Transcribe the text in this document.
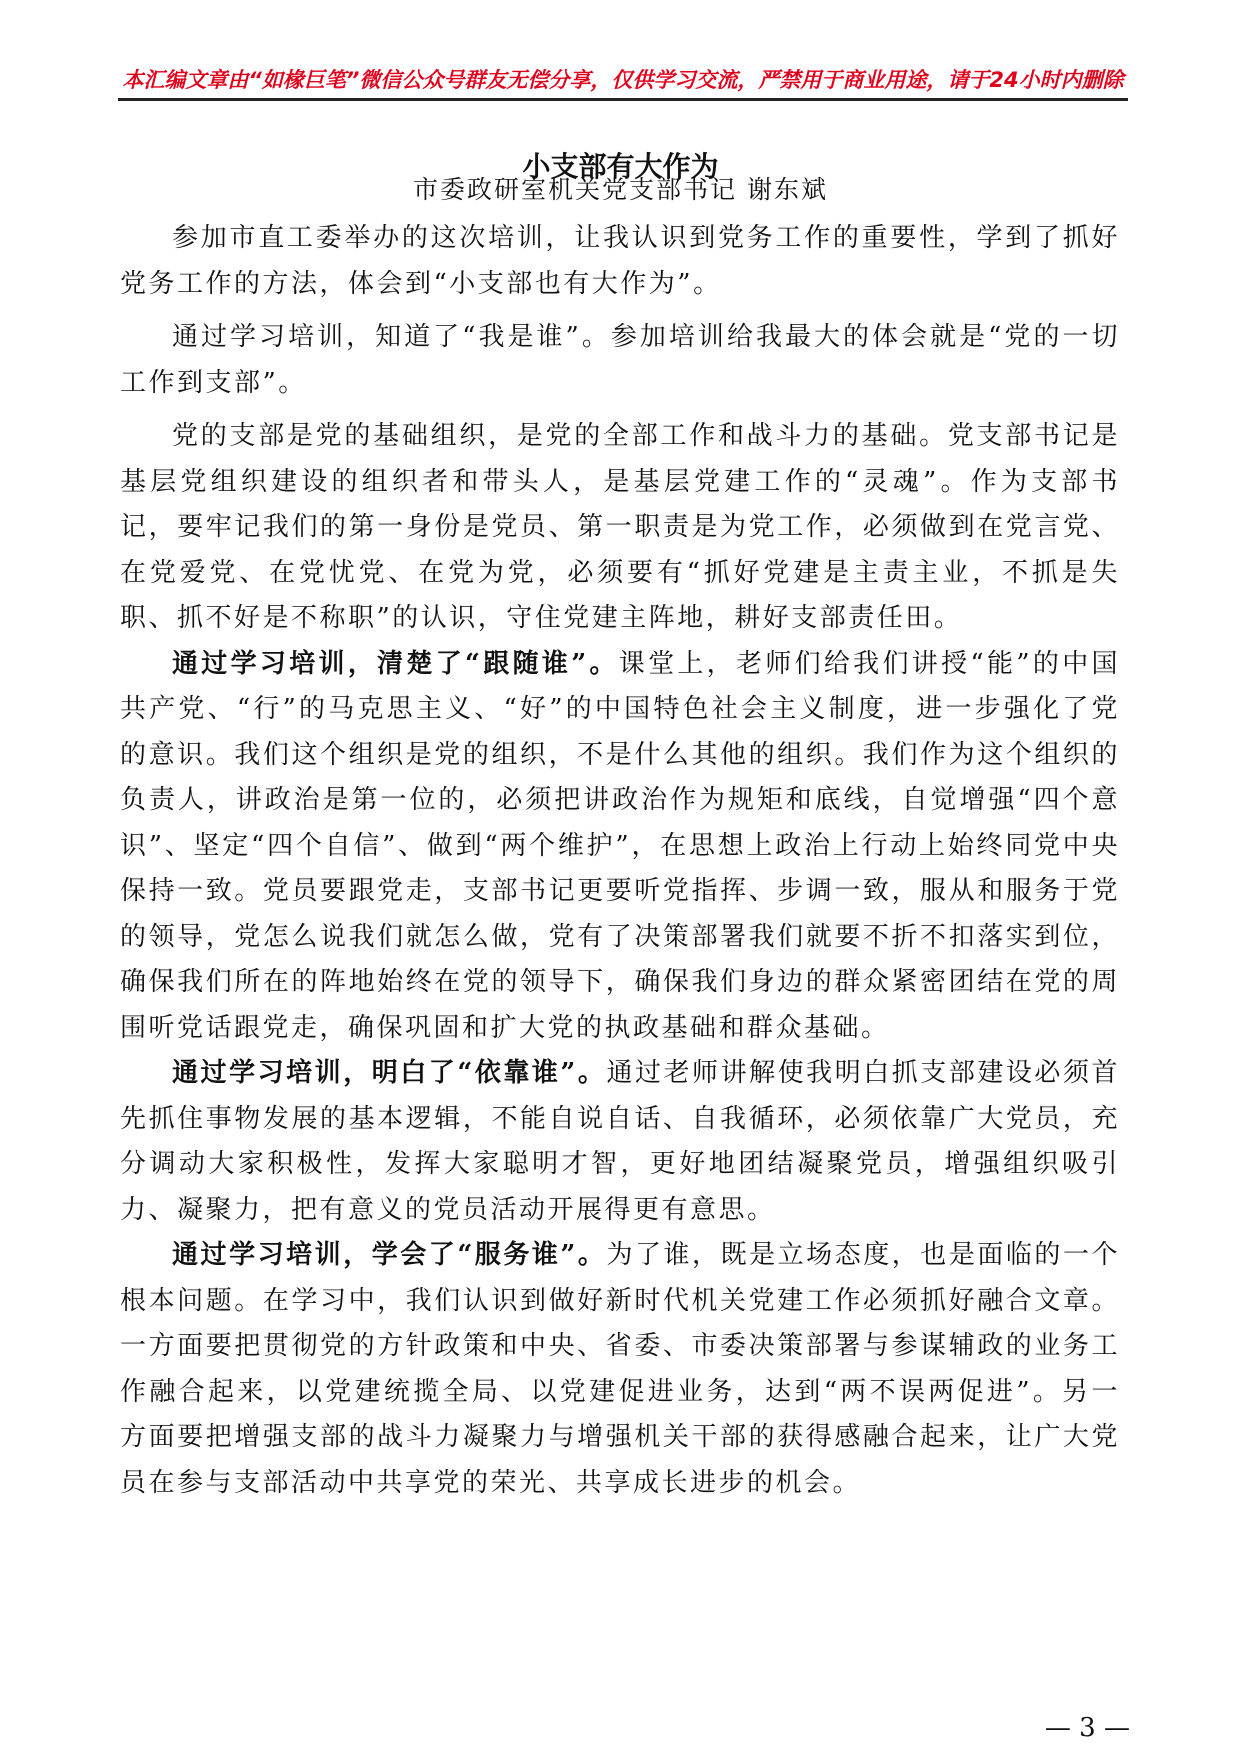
本汇编文章由“如椽巨笔”微信公众号群友无偿分享，仅供学习交流，严禁用于商业用途，请于24小时内删除
小支部有大作为
市委政研室机关党支部书记 谢东斌

参加市直工委举办的这次培训，让我认识到党务工作的重要性，学到了抓好党务工作的方法，体会到“小支部也有大作为”。

通过学习培训，知道了“我是谁”。参加培训给我最大的体会就是“党的一切工作到支部”。

党的支部是党的基础组织，是党的全部工作和战斗力的基础。党支部书记是基层党组织建设的组织者和带头人，是基层党建工作的“灵魂”。作为支部书记，要牢记我们的第一身份是党员、第一职责是为党工作，必须做到在党言党、在党爱党、在党忧党、在党为党，必须要有“抓好党建是主责主业，不抓是失职、抓不好是不称职”的认识，守住党建主阵地，耕好支部责任田。

通过学习培训，清楚了“跟随谁”。课堂上，老师们给我们讲授“能”的中国共产党、“行”的马克思主义、“好”的中国特色社会主义制度，进一步强化了党的意识。我们这个组织是党的组织，不是什么其他的组织。我们作为这个组织的负责人，讲政治是第一位的，必须把讲政治作为规矩和底线，自觉增强“四个意识”、坚定“四个自信”、做到“两个维护”，在思想上政治上行动上始终同党中央保持一致。党员要跟党走，支部书记更要听党指挥、步调一致，服从和服务于党的领导，党怎么说我们就怎么做，党有了决策部署我们就要不折不扣落实到位，确保我们所在的阵地始终在党的领导下，确保我们身边的群众紧密团结在党的周围听党话跟党走，确保巩固和扩大党的执政基础和群众基础。

通过学习培训，明白了“依靠谁”。通过老师讲解使我明白抓支部建设必须首先抓住事物发展的基本逻辑，不能自说自话、自我循环，必须依靠广大党员，充分调动大家积极性，发挥大家聪明才智，更好地团结凝聚党员，增强组织吸引力、凝聚力，把有意义的党员活动开展得更有意思。

通过学习培训，学会了“服务谁”。为了谁，既是立场态度，也是面临的一个根本问题。在学习中，我们认识到做好新时代机关党建工作必须抓好融合文章。一方面要把贯彻党的方针政策和中央、省委、市委决策部署与参谋辅政的业务工作融合起来，以党建统揽全局、以党建促进业务，达到“两不误两促进”。另一方面要把增强支部的战斗力凝聚力与增强机关干部的获得感融合起来，让广大党员在参与支部活动中共享党的荣光、共享成长进步的机会。

— 3 —
